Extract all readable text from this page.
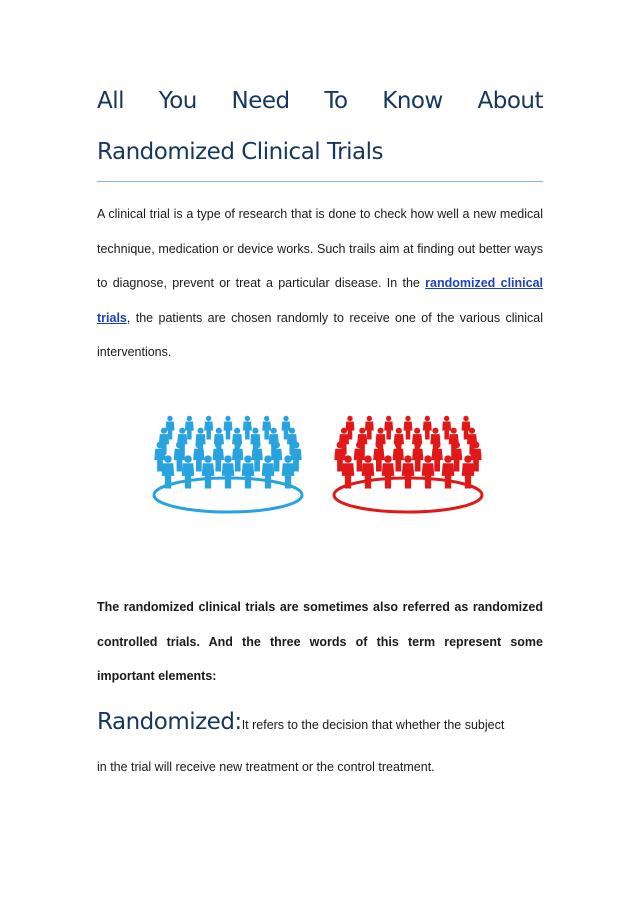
All You Need To Know About
Randomized Clinical Trials

A clinical trial is a type of research that is done to check how well a new medical technique, medication or device works. Such trails aim at finding out better ways to diagnose, prevent or treat a particular disease. In the randomized clinical trials, the patients are chosen randomly to receive one of the various clinical interventions.

The randomized clinical trials are sometimes also referred as randomized controlled trials. And the three words of this term represent some important elements:

Randomized:It refers to the decision that whether the subject

in the trial will receive new treatment or the control treatment.
